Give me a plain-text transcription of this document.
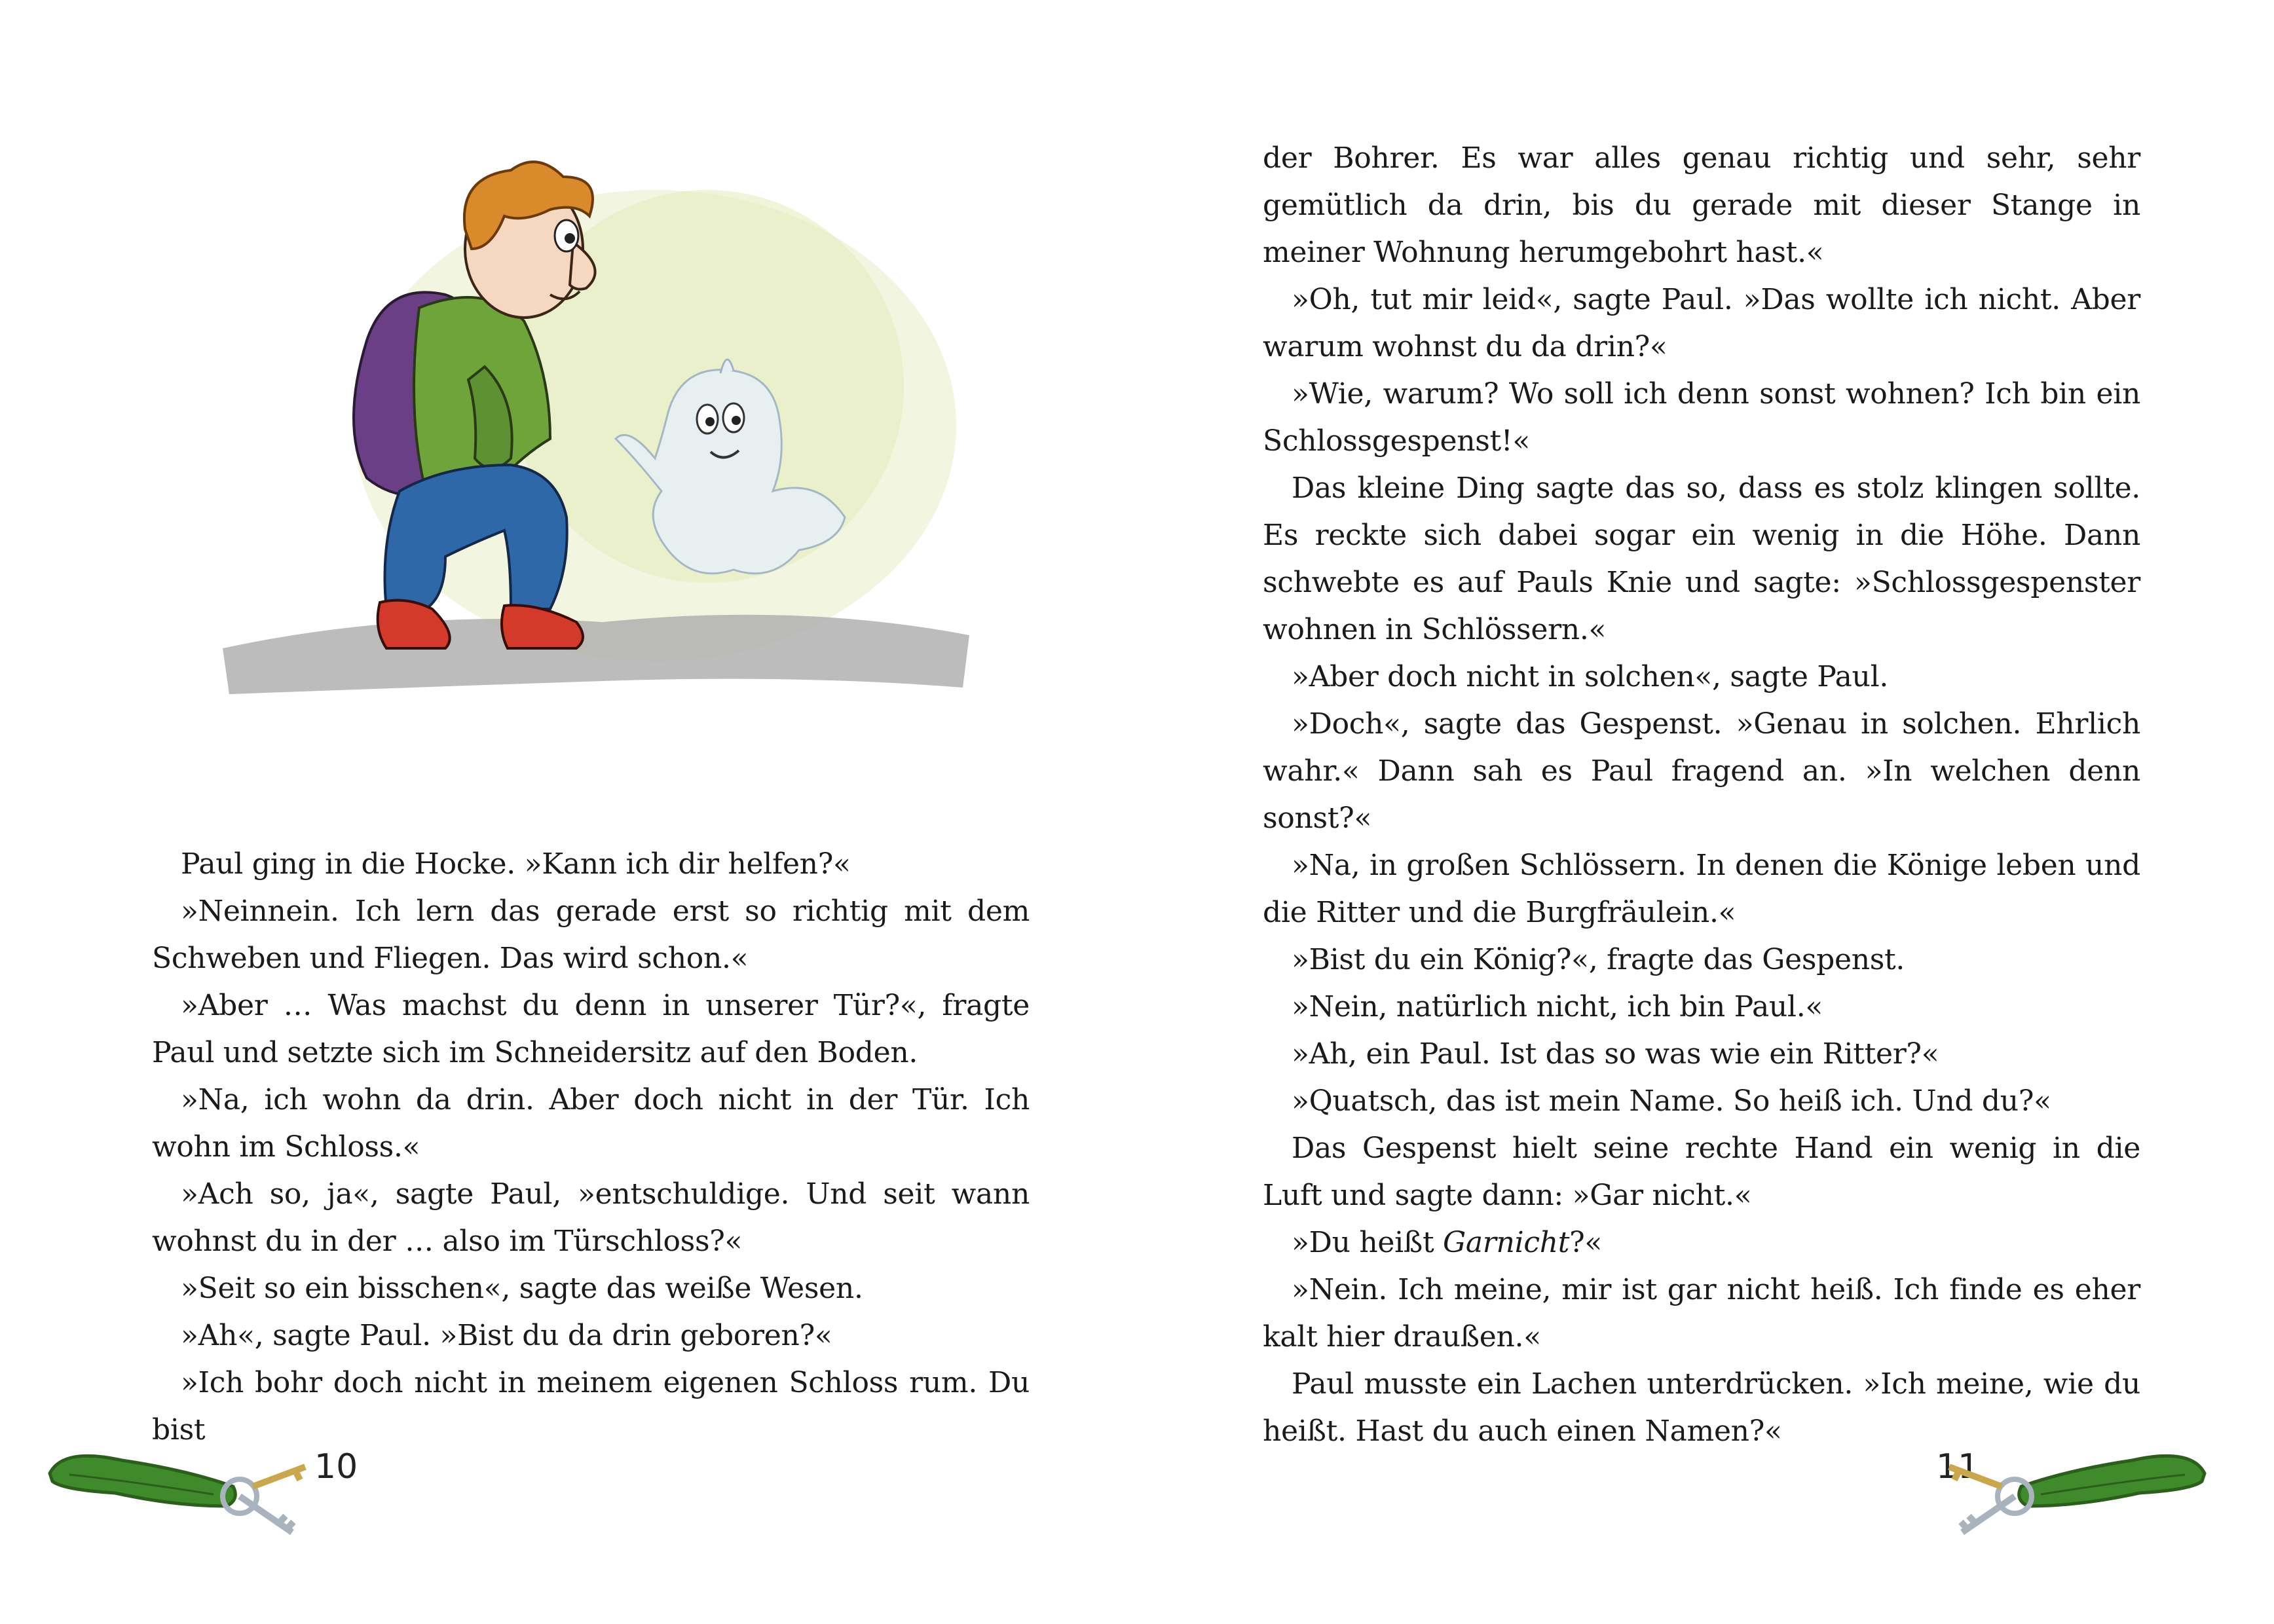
Paul ging in die Hocke. »Kann ich dir helfen?«

»Neinnein. Ich lern das gerade erst so richtig mit dem Schweben und Fliegen. Das wird schon.«

»Aber … Was machst du denn in unserer Tür?«, fragte Paul und setzte sich im Schneidersitz auf den Boden.

»Na, ich wohn da drin. Aber doch nicht in der Tür. Ich wohn im Schloss.«

»Ach so, ja«, sagte Paul, »entschuldige. Und seit wann wohnst du in der … also im Türschloss?«

»Seit so ein bisschen«, sagte das weiße Wesen.

»Ah«, sagte Paul. »Bist du da drin geboren?«

»Ich bohr doch nicht in meinem eigenen Schloss rum. Du bist

10

der Bohrer. Es war alles genau richtig und sehr, sehr gemütlich da drin, bis du gerade mit dieser Stange in meiner Wohnung herumgebohrt hast.«

»Oh, tut mir leid«, sagte Paul. »Das wollte ich nicht. Aber warum wohnst du da drin?«

»Wie, warum? Wo soll ich denn sonst wohnen? Ich bin ein Schlossgespenst!«

Das kleine Ding sagte das so, dass es stolz klingen sollte. Es reckte sich dabei sogar ein wenig in die Höhe. Dann schwebte es auf Pauls Knie und sagte: »Schlossgespenster wohnen in Schlössern.«

»Aber doch nicht in solchen«, sagte Paul.

»Doch«, sagte das Gespenst. »Genau in solchen. Ehrlich wahr.« Dann sah es Paul fragend an. »In welchen denn sonst?«

»Na, in großen Schlössern. In denen die Könige leben und die Ritter und die Burgfräulein.«

»Bist du ein König?«, fragte das Gespenst.

»Nein, natürlich nicht, ich bin Paul.«

»Ah, ein Paul. Ist das so was wie ein Ritter?«

»Quatsch, das ist mein Name. So heiß ich. Und du?«

Das Gespenst hielt seine rechte Hand ein wenig in die Luft und sagte dann: »Gar nicht.«

»Du heißt Garnicht?«

»Nein. Ich meine, mir ist gar nicht heiß. Ich finde es eher kalt hier draußen.«

Paul musste ein Lachen unterdrücken. »Ich meine, wie du heißt. Hast du auch einen Namen?«

11
